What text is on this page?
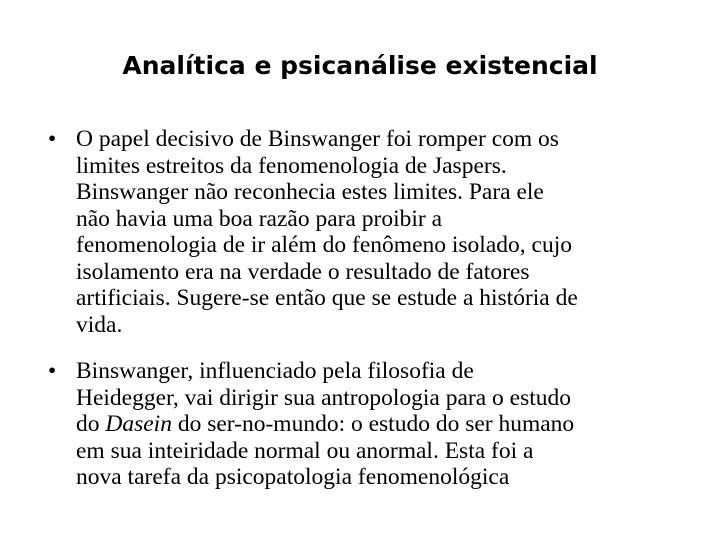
Analítica e psicanálise existencial
• O papel decisivo de Binswanger foi romper com os
limites estreitos da fenomenologia de Jaspers.
Binswanger não reconhecia estes limites. Para ele
não havia uma boa razão para proibir a
fenomenologia de ir além do fenômeno isolado, cujo
isolamento era na verdade o resultado de fatores
artificiais. Sugere-se então que se estude a história de
vida.
• Binswanger, influenciado pela filosofia de
Heidegger, vai dirigir sua antropologia para o estudo
do Dasein do ser-no-mundo: o estudo do ser humano
em sua inteiridade normal ou anormal. Esta foi a
nova tarefa da psicopatologia fenomenológica
